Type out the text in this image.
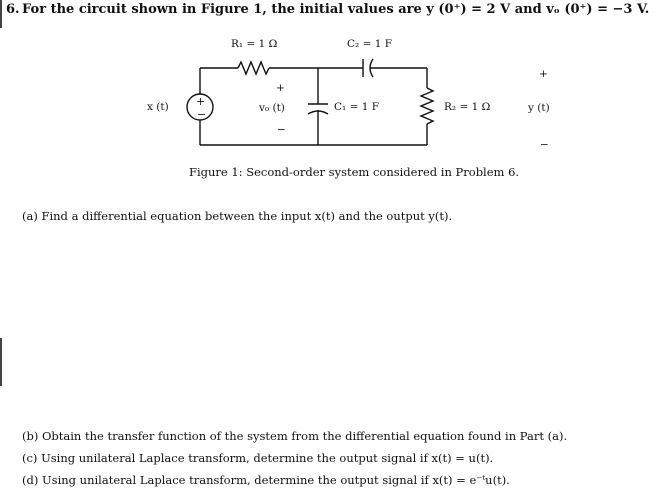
6. For the circuit shown in Figure 1, the initial values are y (0⁺) = 2 V and vₒ (0⁺) = −3 V.
+
−
R₁ = 1 Ω	C₂ = 1 F
x (t)
+
v₀ (t)
−
C₁ = 1 F	R₂ = 1 Ω
+
y (t)
−
Figure 1: Second-order system considered in Problem 6.
(a) Find a differential equation between the input x(t) and the output y(t).
(b) Obtain the transfer function of the system from the differential equation found in Part (a).
(c) Using unilateral Laplace transform, determine the output signal if x(t) = u(t).
(d) Using unilateral Laplace transform, determine the output signal if x(t) = e⁻ᵗu(t).
